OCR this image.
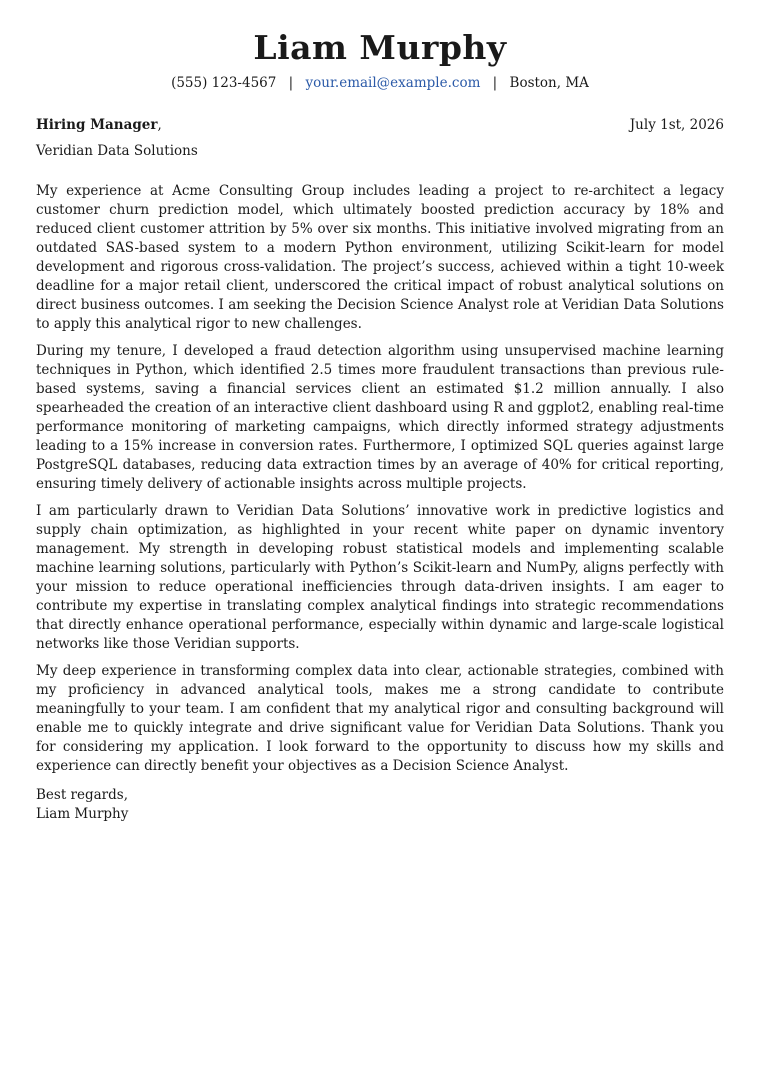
Liam Murphy
(555) 123-4567 | your.email@example.com | Boston, MA
Hiring Manager,	July 1st, 2026
Veridian Data Solutions

My experience at Acme Consulting Group includes leading a project to re-architect a legacy customer churn prediction model, which ultimately boosted prediction accuracy by 18% and reduced client customer attrition by 5% over six months. This initiative involved migrating from an outdated SAS-based system to a modern Python environment, utilizing Scikit-learn for model development and rigorous cross-validation. The project’s success, achieved within a tight 10-week deadline for a major retail client, underscored the critical impact of robust analytical solutions on direct business outcomes. I am seeking the Decision Science Analyst role at Veridian Data Solutions to apply this analytical rigor to new challenges.

During my tenure, I developed a fraud detection algorithm using unsupervised machine learning techniques in Python, which identified 2.5 times more fraudulent transactions than previous rule-based systems, saving a financial services client an estimated $1.2 million annually. I also spearheaded the creation of an interactive client dashboard using R and ggplot2, enabling real-time performance monitoring of marketing campaigns, which directly informed strategy adjustments leading to a 15% increase in conversion rates. Furthermore, I optimized SQL queries against large PostgreSQL databases, reducing data extraction times by an average of 40% for critical reporting, ensuring timely delivery of actionable insights across multiple projects.

I am particularly drawn to Veridian Data Solutions’ innovative work in predictive logistics and supply chain optimization, as highlighted in your recent white paper on dynamic inventory management. My strength in developing robust statistical models and implementing scalable machine learning solutions, particularly with Python’s Scikit-learn and NumPy, aligns perfectly with your mission to reduce operational inefficiencies through data-driven insights. I am eager to contribute my expertise in translating complex analytical findings into strategic recommendations that directly enhance operational performance, especially within dynamic and large-scale logistical networks like those Veridian supports.

My deep experience in transforming complex data into clear, actionable strategies, combined with my proficiency in advanced analytical tools, makes me a strong candidate to contribute meaningfully to your team. I am confident that my analytical rigor and consulting background will enable me to quickly integrate and drive significant value for Veridian Data Solutions. Thank you for considering my application. I look forward to the opportunity to discuss how my skills and experience can directly benefit your objectives as a Decision Science Analyst.

Best regards,
Liam Murphy
